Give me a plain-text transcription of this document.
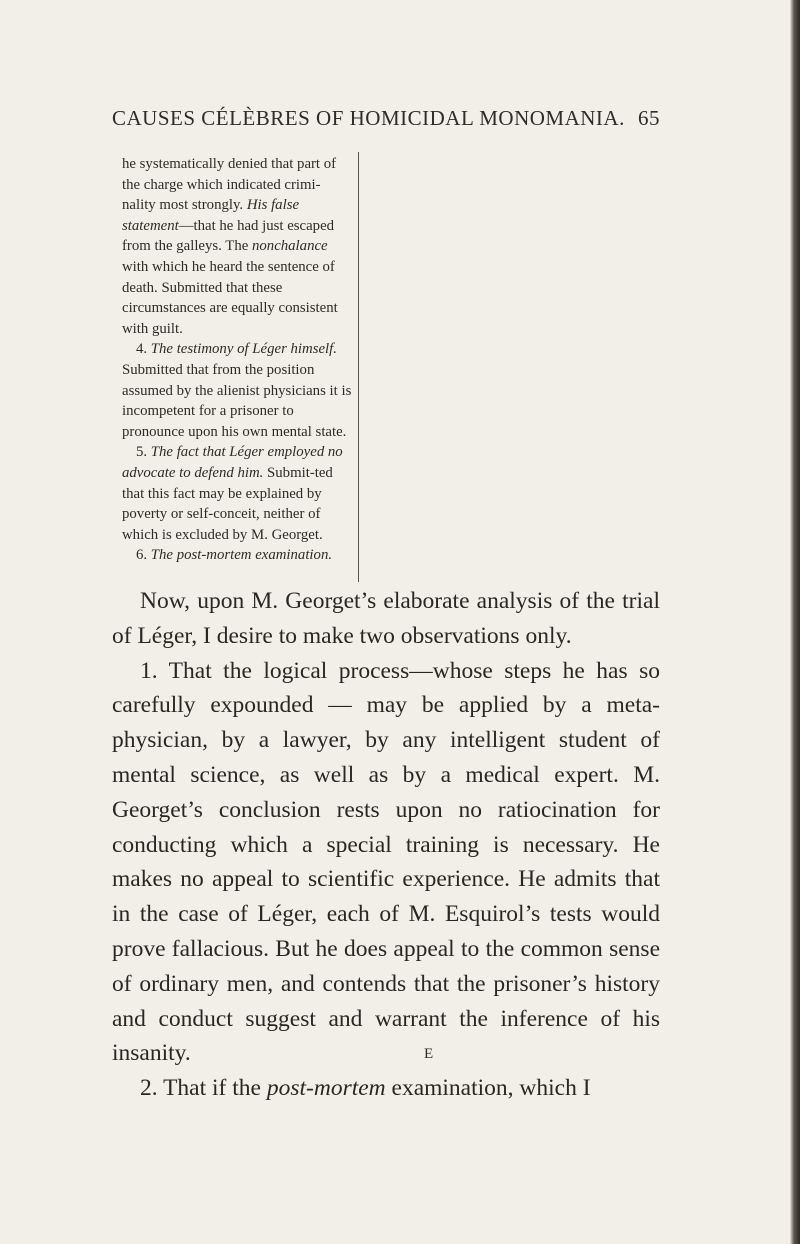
CAUSES CÉLÈBRES OF HOMICIDAL MONOMANIA. 65

he systematically denied that part of the charge which indicated crimi-nality most strongly. His false statement—that he had just escaped from the galleys. The nonchalance with which he heard the sentence of death. Submitted that these circumstances are equally consistent with guilt.

4. The testimony of Léger himself. Submitted that from the position assumed by the alienist physicians it is incompetent for a prisoner to pronounce upon his own mental state.

5. The fact that Léger employed no advocate to defend him. Submit-ted that this fact may be explained by poverty or self-conceit, neither of which is excluded by M. Georget.

6. The post-mortem examination.

Now, upon M. Georget’s elaborate analysis of the trial of Léger, I desire to make two observations only.

1. That the logical process—whose steps he has so carefully expounded — may be applied by a meta-physician, by a lawyer, by any intelligent student of mental science, as well as by a medical expert. M. Georget’s conclusion rests upon no ratiocination for conducting which a special training is necessary. He makes no appeal to scientific experience. He admits that in the case of Léger, each of M. Esquirol’s tests would prove fallacious. But he does appeal to the common sense of ordinary men, and contends that the prisoner’s history and conduct suggest and warrant the inference of his insanity.

2. That if the post-mortem examination, which I

E
